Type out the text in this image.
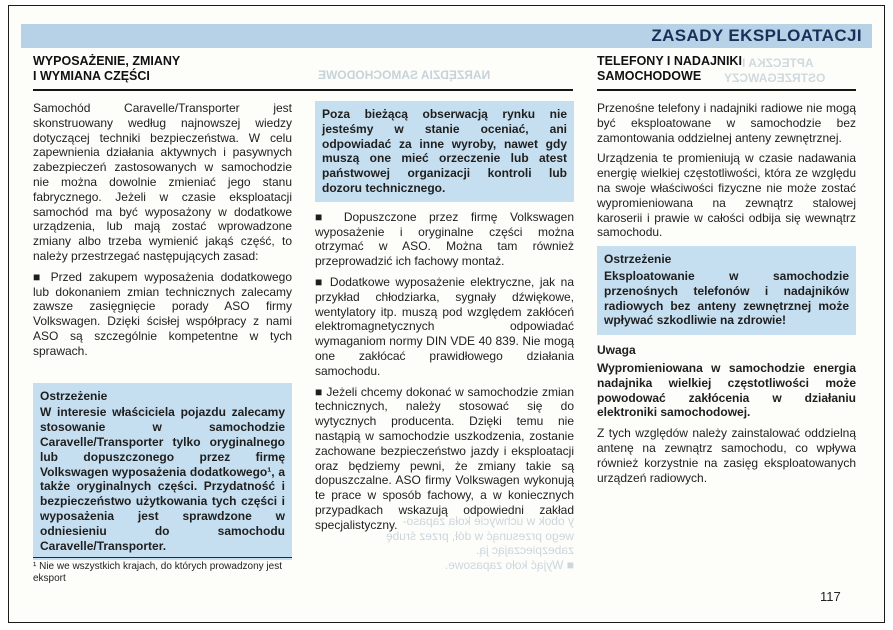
ZASADY EKSPLOATACJI
NARZĘDZIA SAMOCHODOWE
APTECZKA I
OSTRZEGAWCZY
y obok w uchwycie koła zapaso-
wego przesunąć w dół, przez śrubę
zabezpieczając ją.
■ Wyjąć koło zapasowe.
WYPOSAŻENIE, ZMIANY
I WYMIANA CZĘŚCI
TELEFONY I NADAJNIKI
SAMOCHODOWE

Samochód Caravelle/Transporter jest skonstruowany według najnowszej wiedzy dotyczącej techniki bezpieczeństwa. W celu zapewnienia działania aktywnych i pasywnych zabezpieczeń zastosowanych w samochodzie nie można dowolnie zmieniać jego stanu fabrycznego. Jeżeli w czasie eksploatacji samochód ma być wyposażony w dodatkowe urządzenia, lub mają zostać wprowadzone zmiany albo trzeba wymienić jakąś część, to należy przestrzegać następujących zasad:

■ Przed zakupem wyposażenia dodatkowego lub dokonaniem zmian technicznych zalecamy zawsze zasięgnięcie porady ASO firmy Volkswagen. Dzięki ścisłej współpracy z nami ASO są szczególnie kompetentne w tych sprawach.

Ostrzeżenie
W interesie właściciela pojazdu zalecamy stosowanie w samochodzie Caravelle/Transporter tylko oryginalnego lub dopuszczonego przez firmę Volkswagen wyposażenia dodatkowego¹, a także oryginalnych części. Przydatność i bezpieczeństwo użytkowania tych części i wyposażenia jest sprawdzone w odniesieniu do samochodu Caravelle/Transporter.
¹ Nie we wszystkich krajach, do których prowadzony jest eksport
Poza bieżącą obserwacją rynku nie jesteśmy w stanie oceniać, ani odpowiadać za inne wyroby, nawet gdy muszą one mieć orzeczenie lub atest państwowej organizacji kontroli lub dozoru technicznego.

■ Dopuszczone przez firmę Volkswagen wyposażenie i oryginalne części można otrzymać w ASO. Można tam również przeprowadzić ich fachowy montaż.

■ Dodatkowe wyposażenie elektryczne, jak na przykład chłodziarka, sygnały dźwiękowe, wentylatory itp. muszą pod względem zakłóceń elektromagnetycznych odpowiadać wymaganiom normy DIN VDE 40 839. Nie mogą one zakłócać prawidłowego działania samochodu.

■ Jeżeli chcemy dokonać w samochodzie zmian technicznych, należy stosować się do wytycznych producenta. Dzięki temu nie nastąpią w samochodzie uszkodzenia, zostanie zachowane bezpieczeństwo jazdy i eksploatacji oraz będziemy pewni, że zmiany takie są dopuszczalne. ASO firmy Volkswagen wykonują te prace w sposób fachowy, a w koniecznych przypadkach wskazują odpowiedni zakład specjalistyczny.

Przenośne telefony i nadajniki radiowe nie mogą być eksploatowane w samochodzie bez zamontowania oddzielnej anteny zewnętrznej.

Urządzenia te promieniują w czasie nadawania energię wielkiej częstotliwości, która ze względu na swoje właściwości fizyczne nie może zostać wypromieniowana na zewnątrz stalowej karoserii i prawie w całości odbija się wewnątrz samochodu.

Ostrzeżenie
Eksploatowanie w samochodzie przenośnych telefonów i nadajników radiowych bez anteny zewnętrznej może wpływać szkodliwie na zdrowie!
Uwaga

Wypromieniowana w samochodzie energia nadajnika wielkiej częstotliwości może powodować zakłócenia w działaniu elektroniki samochodowej.

Z tych względów należy zainstalować oddzielną antenę na zewnątrz samochodu, co wpływa również korzystnie na zasięg eksploatowanych urządzeń radiowych.

117
